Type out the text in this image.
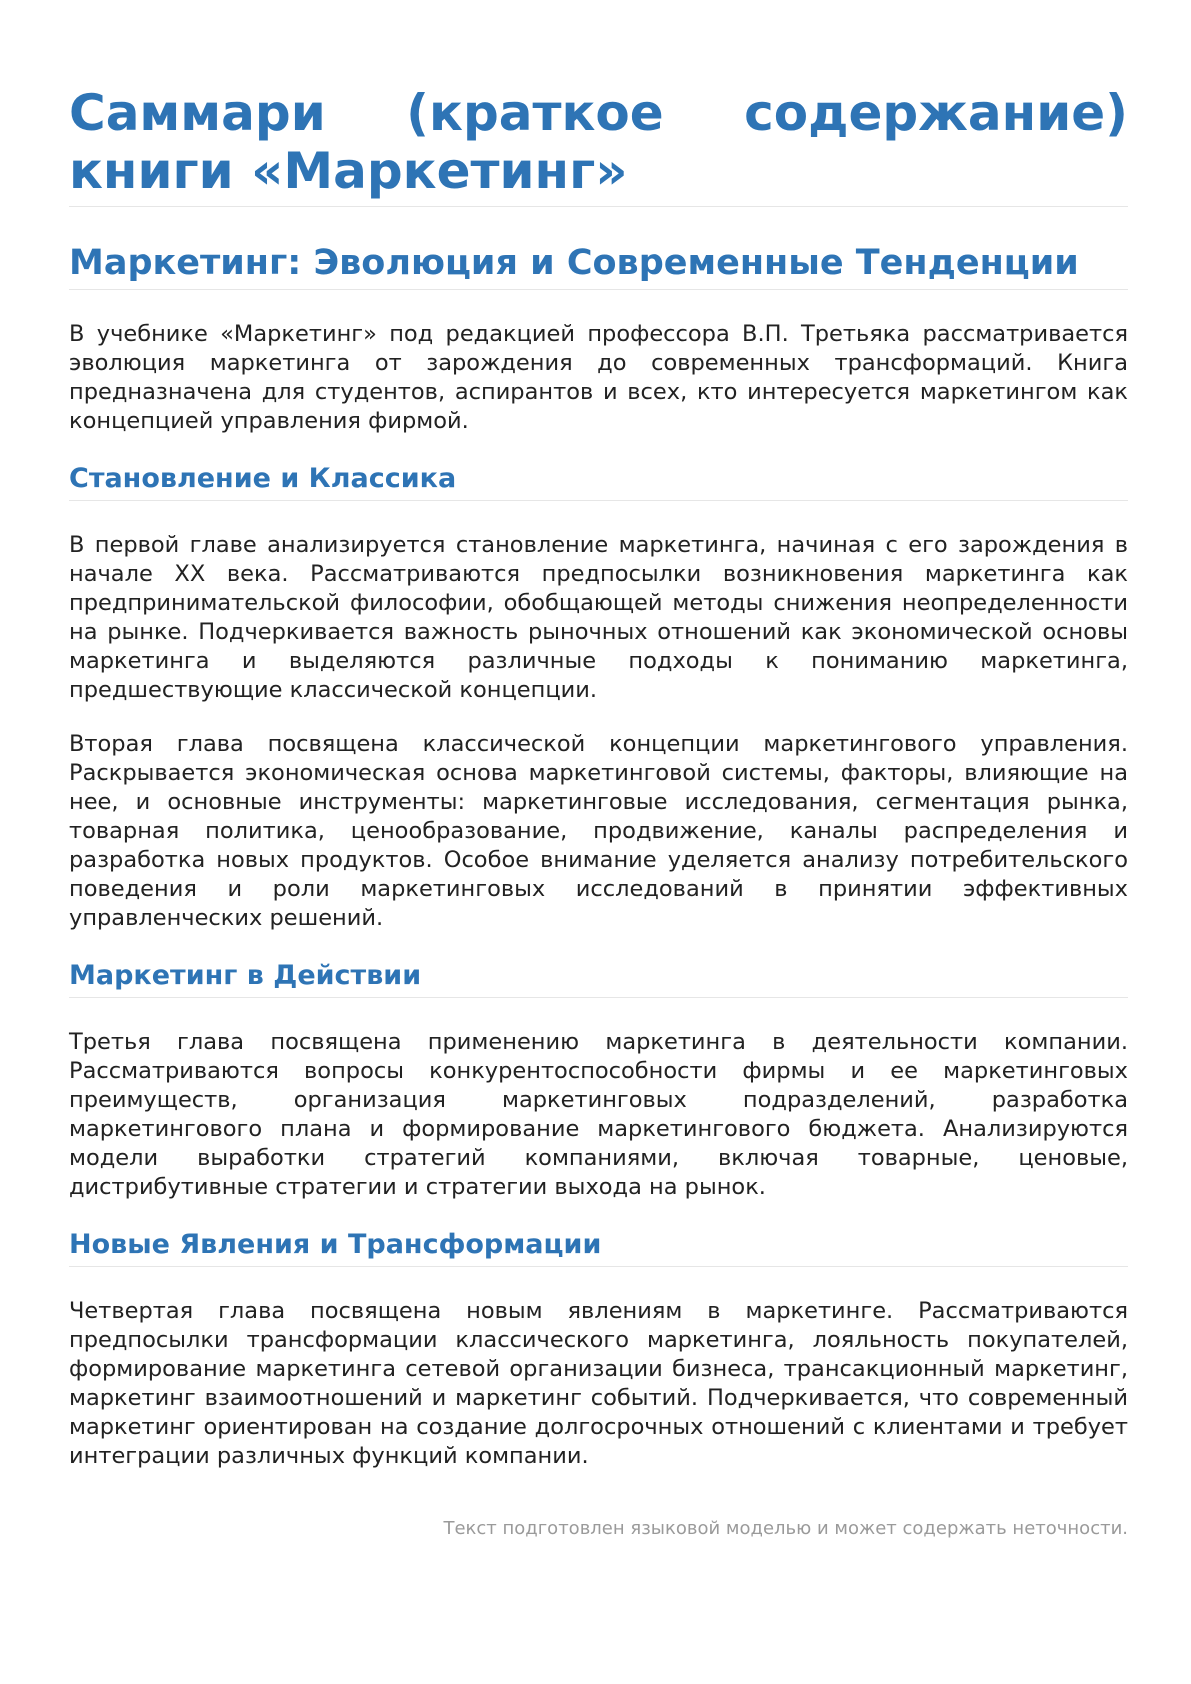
Саммари (краткое содержание) книги «Маркетинг»
Маркетинг: Эволюция и Современные Тенденции

В учебнике «Маркетинг» под редакцией профессора В.П. Третьяка рассматривается эволюция маркетинга от зарождения до современных трансформаций. Книга предназначена для студентов, аспирантов и всех, кто интересуется маркетингом как концепцией управления фирмой.

Становление и Классика

В первой главе анализируется становление маркетинга, начиная с его зарождения в начале XX века. Рассматриваются предпосылки возникновения маркетинга как предпринимательской философии, обобщающей методы снижения неопределенности на рынке. Подчеркивается важность рыночных отношений как экономической основы маркетинга и выделяются различные подходы к пониманию маркетинга, предшествующие классической концепции.

Вторая глава посвящена классической концепции маркетингового управления. Раскрывается экономическая основа маркетинговой системы, факторы, влияющие на нее, и основные инструменты: маркетинговые исследования, сегментация рынка, товарная политика, ценообразование, продвижение, каналы распределения и разработка новых продуктов. Особое внимание уделяется анализу потребительского поведения и роли маркетинговых исследований в принятии эффективных управленческих решений.

Маркетинг в Действии

Третья глава посвящена применению маркетинга в деятельности компании. Рассматриваются вопросы конкурентоспособности фирмы и ее маркетинговых преимуществ, организация маркетинговых подразделений, разработка маркетингового плана и формирование маркетингового бюджета. Анализируются модели выработки стратегий компаниями, включая товарные, ценовые, дистрибутивные стратегии и стратегии выхода на рынок.

Новые Явления и Трансформации

Четвертая глава посвящена новым явлениям в маркетинге. Рассматриваются предпосылки трансформации классического маркетинга, лояльность покупателей, формирование маркетинга сетевой организации бизнеса, трансакционный маркетинг, маркетинг взаимоотношений и маркетинг событий. Подчеркивается, что современный маркетинг ориентирован на создание долгосрочных отношений с клиентами и требует интеграции различных функций компании.

Текст подготовлен языковой моделью и может содержать неточности.
